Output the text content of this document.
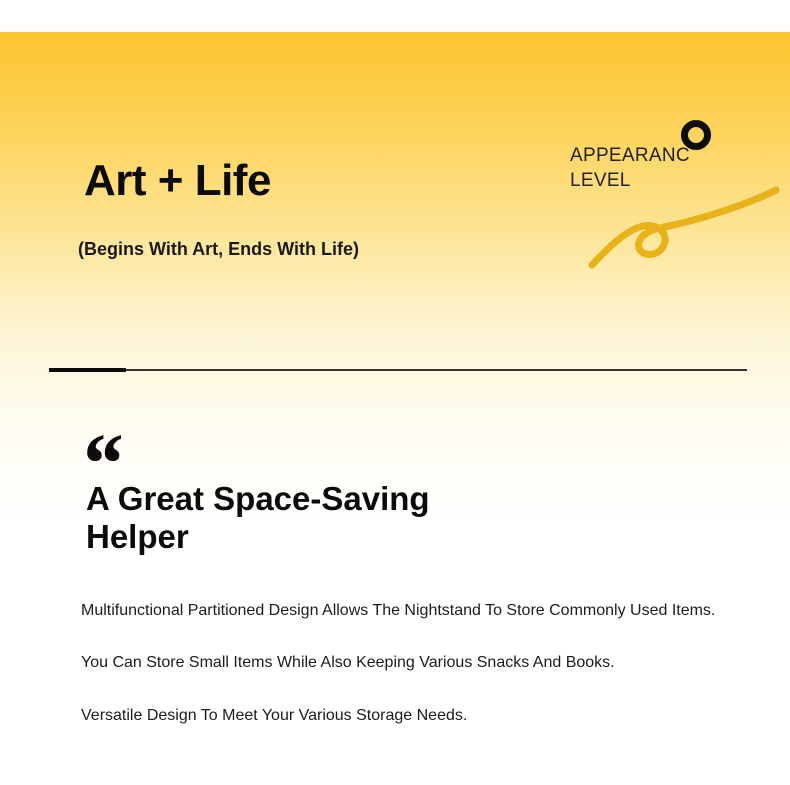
Art + Life
(Begins With Art, Ends With Life)
APPEARANC
LEVEL
“
A Great Space-Saving
Helper

Multifunctional Partitioned Design Allows The Nightstand To Store Commonly Used Items.

You Can Store Small Items While Also Keeping Various Snacks And Books.

Versatile Design To Meet Your Various Storage Needs.
